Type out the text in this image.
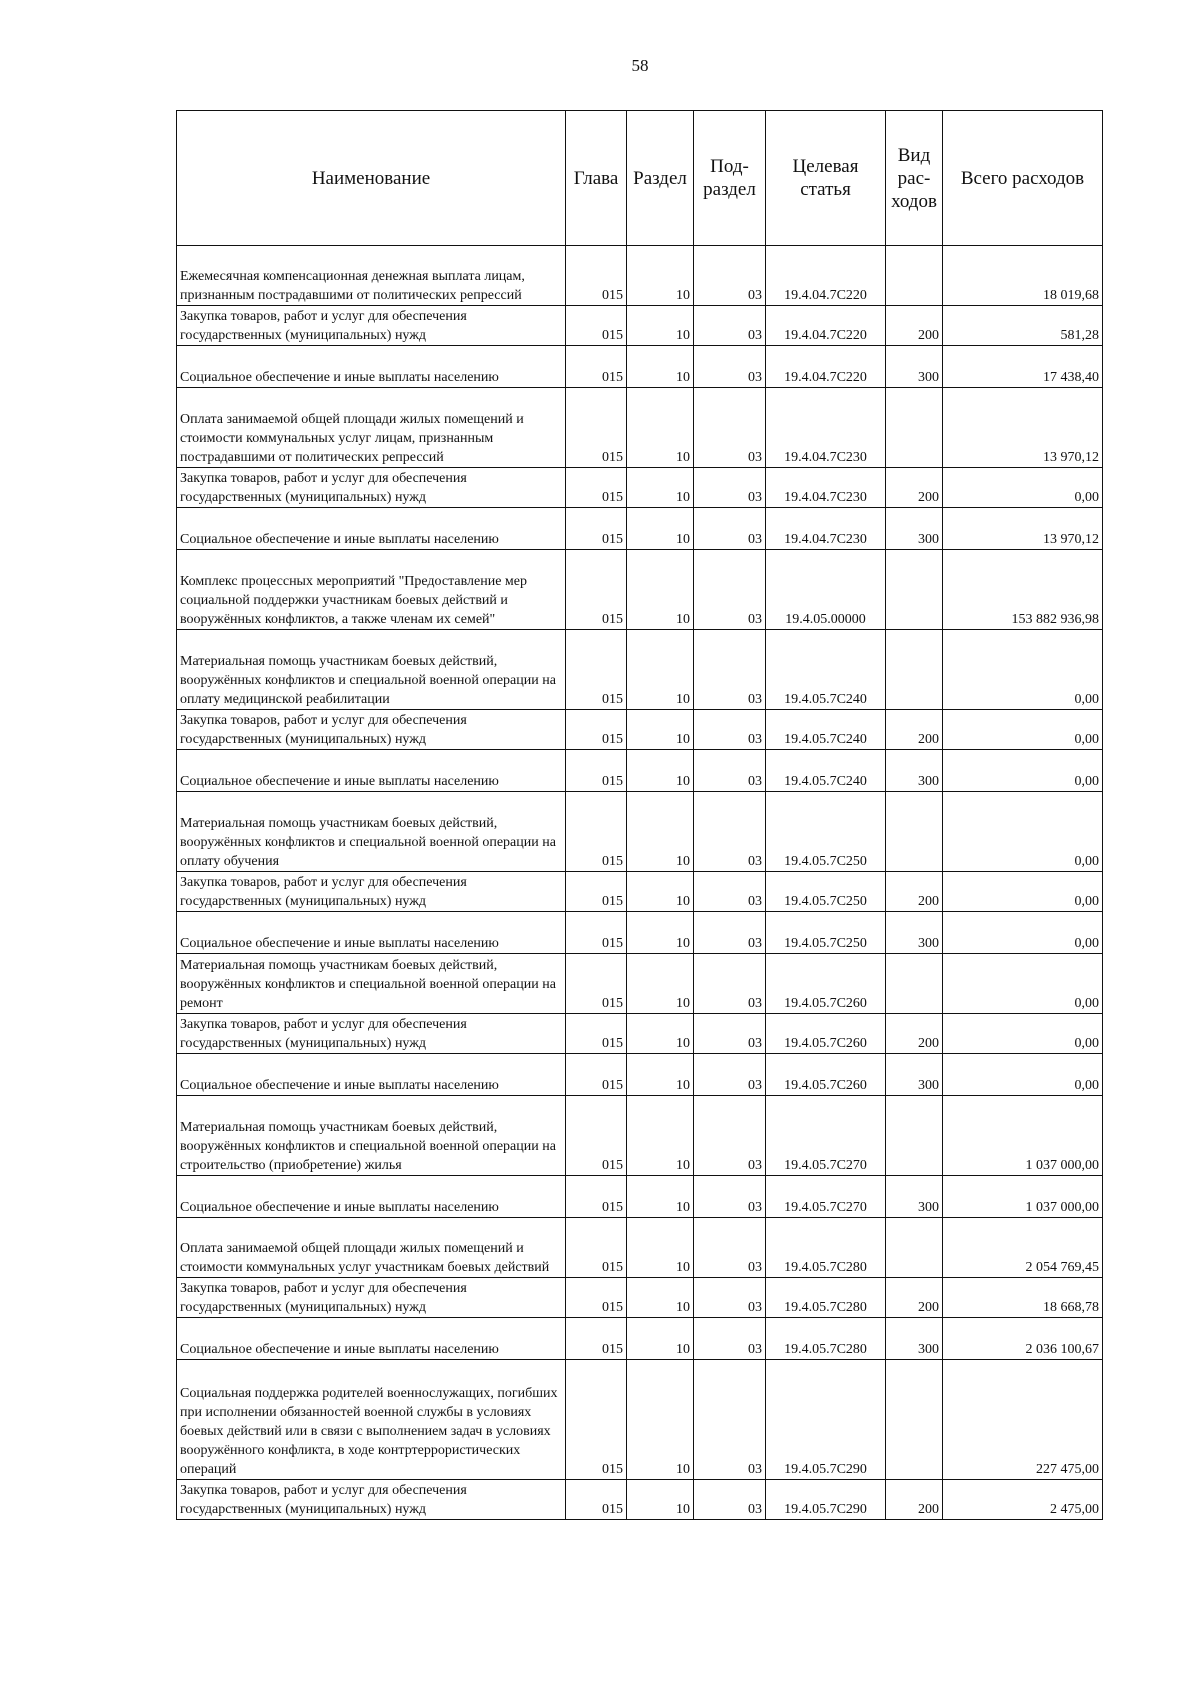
58
Наименование	Глава	Раздел	Под-раздел	Целевая статья	Вид рас-ходов	Всего расходов
Ежемесячная компенсационная денежная выплата лицам, признанным пострадавшими от политических репрессий	015	10	03	19.4.04.7C220		18 019,68
Закупка товаров, работ и услуг для обеспечения государственных (муниципальных) нужд	015	10	03	19.4.04.7C220	200	581,28
Социальное обеспечение и иные выплаты населению	015	10	03	19.4.04.7C220	300	17 438,40
Оплата занимаемой общей площади жилых помещений и стоимости коммунальных услуг лицам, признанным пострадавшими от политических репрессий	015	10	03	19.4.04.7C230		13 970,12
Закупка товаров, работ и услуг для обеспечения государственных (муниципальных) нужд	015	10	03	19.4.04.7C230	200	0,00
Социальное обеспечение и иные выплаты населению	015	10	03	19.4.04.7C230	300	13 970,12
Комплекс процессных мероприятий "Предоставление мер социальной поддержки участникам боевых действий и вооружённых конфликтов, а также членам их семей"	015	10	03	19.4.05.00000		153 882 936,98
Материальная помощь участникам боевых действий, вооружённых конфликтов и специальной военной операции на оплату медицинской реабилитации	015	10	03	19.4.05.7C240		0,00
Закупка товаров, работ и услуг для обеспечения государственных (муниципальных) нужд	015	10	03	19.4.05.7C240	200	0,00
Социальное обеспечение и иные выплаты населению	015	10	03	19.4.05.7C240	300	0,00
Материальная помощь участникам боевых действий, вооружённых конфликтов и специальной военной операции на оплату обучения	015	10	03	19.4.05.7C250		0,00
Закупка товаров, работ и услуг для обеспечения государственных (муниципальных) нужд	015	10	03	19.4.05.7C250	200	0,00
Социальное обеспечение и иные выплаты населению	015	10	03	19.4.05.7C250	300	0,00
Материальная помощь участникам боевых действий, вооружённых конфликтов и специальной военной операции на ремонт	015	10	03	19.4.05.7C260		0,00
Закупка товаров, работ и услуг для обеспечения государственных (муниципальных) нужд	015	10	03	19.4.05.7C260	200	0,00
Социальное обеспечение и иные выплаты населению	015	10	03	19.4.05.7C260	300	0,00
Материальная помощь участникам боевых действий, вооружённых конфликтов и специальной военной операции на строительство (приобретение) жилья	015	10	03	19.4.05.7C270		1 037 000,00
Социальное обеспечение и иные выплаты населению	015	10	03	19.4.05.7C270	300	1 037 000,00
Оплата занимаемой общей площади жилых помещений и стоимости коммунальных услуг участникам боевых действий	015	10	03	19.4.05.7C280		2 054 769,45
Закупка товаров, работ и услуг для обеспечения государственных (муниципальных) нужд	015	10	03	19.4.05.7C280	200	18 668,78
Социальное обеспечение и иные выплаты населению	015	10	03	19.4.05.7C280	300	2 036 100,67
Социальная поддержка родителей военнослужащих, погибших при исполнении обязанностей военной службы в условиях боевых действий или в связи с выполнением задач в условиях вооружённого конфликта, в ходе контртеррористических операций	015	10	03	19.4.05.7C290		227 475,00
Закупка товаров, работ и услуг для обеспечения государственных (муниципальных) нужд	015	10	03	19.4.05.7C290	200	2 475,00
